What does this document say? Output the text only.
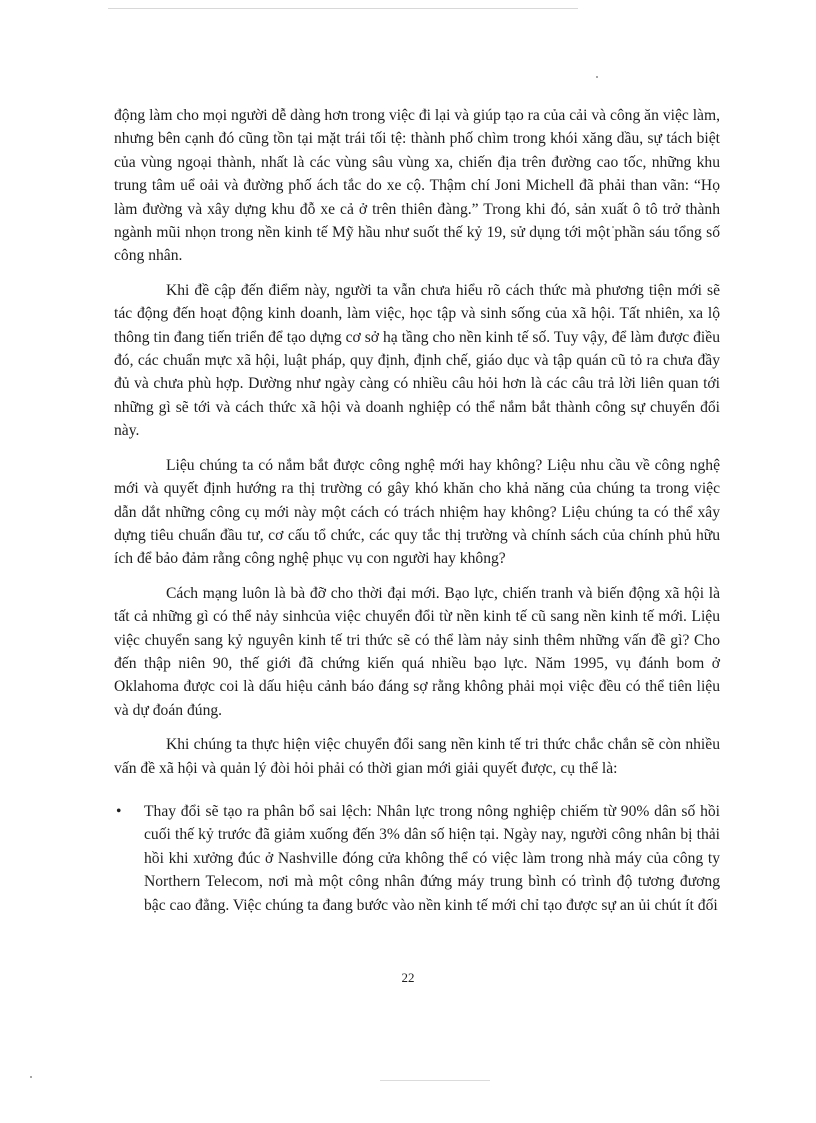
động làm cho mọi người dễ dàng hơn trong việc đi lại và giúp tạo ra của cải và công ăn việc làm, nhưng bên cạnh đó cũng tồn tại mặt trái tối tệ: thành phố chìm trong khói xăng dầu, sự tách biệt của vùng ngoại thành, nhất là các vùng sâu vùng xa, chiến địa trên đường cao tốc, những khu trung tâm uể oải và đường phố ách tắc do xe cộ. Thậm chí Joni Michell đã phải than vãn: “Họ làm đường và xây dựng khu đỗ xe cả ở trên thiên đàng.” Trong khi đó, sản xuất ô tô trở thành ngành mũi nhọn trong nền kinh tế Mỹ hầu như suốt thế kỷ 19, sử dụng tới một phần sáu tổng số công nhân.

Khi đề cập đến điểm này, người ta vẫn chưa hiểu rõ cách thức mà phương tiện mới sẽ tác động đến hoạt động kinh doanh, làm việc, học tập và sinh sống của xã hội. Tất nhiên, xa lộ thông tin đang tiến triển để tạo dựng cơ sở hạ tầng cho nền kinh tế số. Tuy vậy, để làm được điều đó, các chuẩn mực xã hội, luật pháp, quy định, định chế, giáo dục và tập quán cũ tỏ ra chưa đầy đủ và chưa phù hợp. Dường như ngày càng có nhiều câu hỏi hơn là các câu trả lời liên quan tới những gì sẽ tới và cách thức xã hội và doanh nghiệp có thể nắm bắt thành công sự chuyển đổi này.

Liệu chúng ta có nắm bắt được công nghệ mới hay không? Liệu nhu cầu về công nghệ mới và quyết định hướng ra thị trường có gây khó khăn cho khả năng của chúng ta trong việc dẫn dắt những công cụ mới này một cách có trách nhiệm hay không? Liệu chúng ta có thể xây dựng tiêu chuẩn đầu tư, cơ cấu tổ chức, các quy tắc thị trường và chính sách của chính phủ hữu ích để bảo đảm rằng công nghệ phục vụ con người hay không?

Cách mạng luôn là bà đỡ cho thời đại mới. Bạo lực, chiến tranh và biến động xã hội là tất cả những gì có thể nảy sinhcủa việc chuyển đổi từ nền kinh tế cũ sang nền kinh tế mới. Liệu việc chuyển sang kỷ nguyên kinh tế tri thức sẽ có thể làm nảy sinh thêm những vấn đề gì? Cho đến thập niên 90, thế giới đã chứng kiến quá nhiều bạo lực. Năm 1995, vụ đánh bom ở Oklahoma được coi là dấu hiệu cảnh báo đáng sợ rằng không phải mọi việc đều có thể tiên liệu và dự đoán đúng.

Khi chúng ta thực hiện việc chuyển đổi sang nền kinh tế tri thức chắc chắn sẽ còn nhiều vấn đề xã hội và quản lý đòi hỏi phải có thời gian mới giải quyết được, cụ thể là:

• Thay đổi sẽ tạo ra phân bổ sai lệch: Nhân lực trong nông nghiệp chiếm từ 90% dân số hồi cuối thế kỷ trước đã giảm xuống đến 3% dân số hiện tại. Ngày nay, người công nhân bị thải hồi khi xưởng đúc ở Nashville đóng cửa không thể có việc làm trong nhà máy của công ty Northern Telecom, nơi mà một công nhân đứng máy trung bình có trình độ tương đương bậc cao đẳng. Việc chúng ta đang bước vào nền kinh tế mới chỉ tạo được sự an ủi chút ít đối
22
